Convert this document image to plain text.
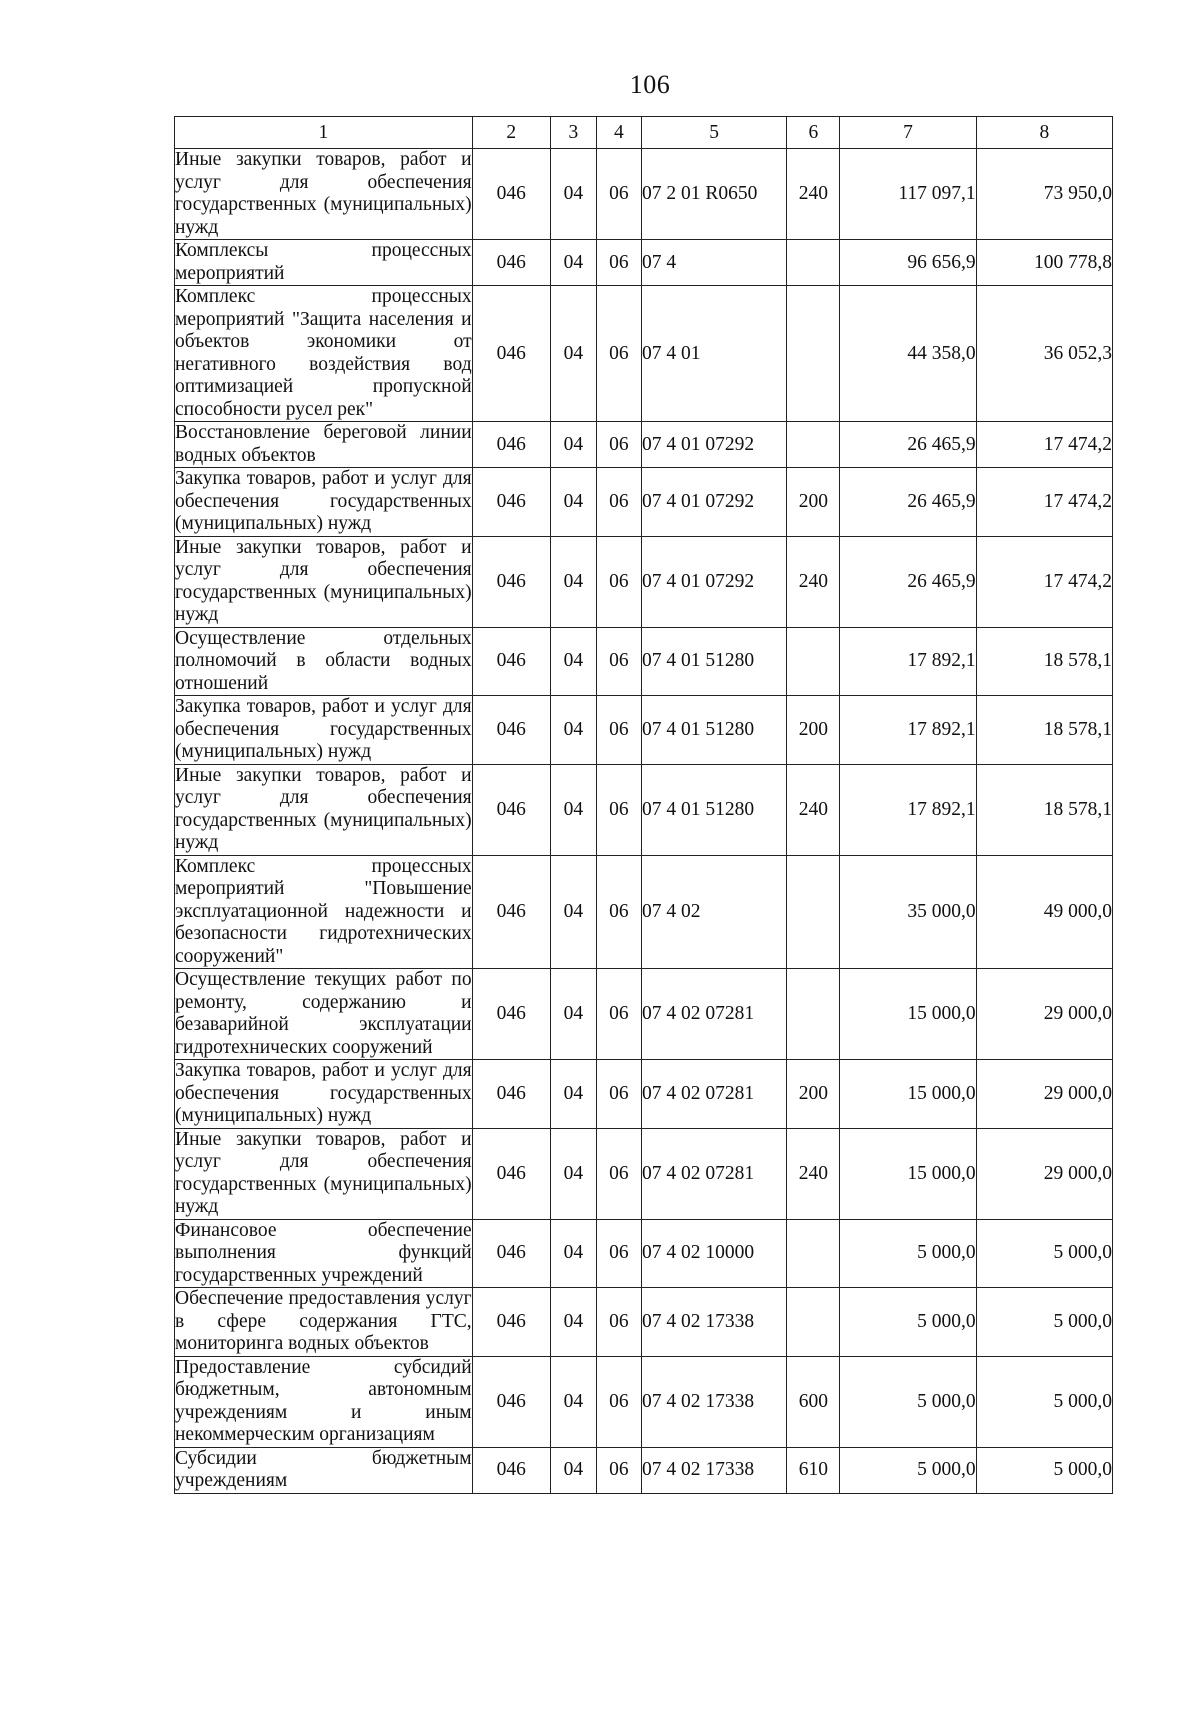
106
1	2	3	4	5	6	7	8
Иные закупки товаров, работ и услуг для обеспечения государственных (муниципальных) нужд	046	04	06	07 2 01 R0650	240	117 097,1	73 950,0
Комплексы процессных мероприятий	046	04	06	07 4		96 656,9	100 778,8
Комплекс процессных мероприятий "Защита населения и объектов экономики от негативного воздействия вод оптимизацией пропускной способности русел рек"	046	04	06	07 4 01		44 358,0	36 052,3
Восстановление береговой линии водных объектов	046	04	06	07 4 01 07292		26 465,9	17 474,2
Закупка товаров, работ и услуг для обеспечения государственных (муниципальных) нужд	046	04	06	07 4 01 07292	200	26 465,9	17 474,2
Иные закупки товаров, работ и услуг для обеспечения государственных (муниципальных) нужд	046	04	06	07 4 01 07292	240	26 465,9	17 474,2
Осуществление отдельных полномочий в области водных отношений	046	04	06	07 4 01 51280		17 892,1	18 578,1
Закупка товаров, работ и услуг для обеспечения государственных (муниципальных) нужд	046	04	06	07 4 01 51280	200	17 892,1	18 578,1
Иные закупки товаров, работ и услуг для обеспечения государственных (муниципальных) нужд	046	04	06	07 4 01 51280	240	17 892,1	18 578,1
Комплекс процессных мероприятий "Повышение эксплуатационной надежности и безопасности гидротехнических сооружений"	046	04	06	07 4 02		35 000,0	49 000,0
Осуществление текущих работ по ремонту, содержанию и безаварийной эксплуатации гидротехнических сооружений	046	04	06	07 4 02 07281		15 000,0	29 000,0
Закупка товаров, работ и услуг для обеспечения государственных (муниципальных) нужд	046	04	06	07 4 02 07281	200	15 000,0	29 000,0
Иные закупки товаров, работ и услуг для обеспечения государственных (муниципальных) нужд	046	04	06	07 4 02 07281	240	15 000,0	29 000,0
Финансовое обеспечение выполнения функций государственных учреждений	046	04	06	07 4 02 10000		5 000,0	5 000,0
Обеспечение предоставления услуг в сфере содержания ГТС, мониторинга водных объектов	046	04	06	07 4 02 17338		5 000,0	5 000,0
Предоставление субсидий бюджетным, автономным учреждениям и иным некоммерческим организациям	046	04	06	07 4 02 17338	600	5 000,0	5 000,0
Субсидии бюджетным учреждениям	046	04	06	07 4 02 17338	610	5 000,0	5 000,0
